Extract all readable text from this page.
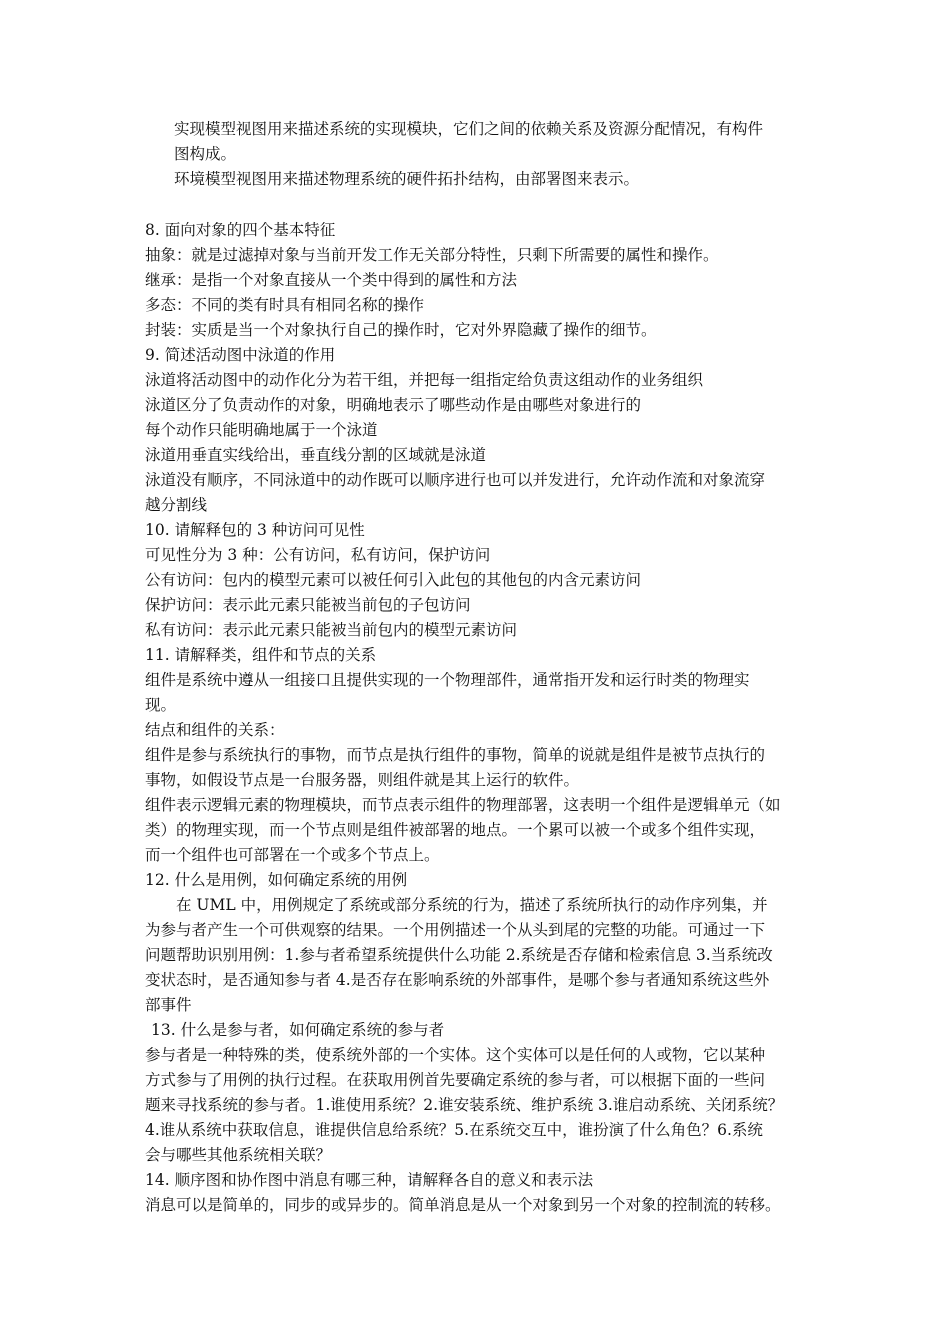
实现模型视图用来描述系统的实现模块，它们之间的依赖关系及资源分配情况，有构件
图构成。
环境模型视图用来描述物理系统的硬件拓扑结构，由部署图来表示。
8. 面向对象的四个基本特征
抽象：就是过滤掉对象与当前开发工作无关部分特性，只剩下所需要的属性和操作。
继承：是指一个对象直接从一个类中得到的属性和方法
多态：不同的类有时具有相同名称的操作
封装：实质是当一个对象执行自己的操作时，它对外界隐藏了操作的细节。
9. 简述活动图中泳道的作用
泳道将活动图中的动作化分为若干组，并把每一组指定给负责这组动作的业务组织
泳道区分了负责动作的对象，明确地表示了哪些动作是由哪些对象进行的
每个动作只能明确地属于一个泳道
泳道用垂直实线给出，垂直线分割的区域就是泳道
泳道没有顺序，不同泳道中的动作既可以顺序进行也可以并发进行，允许动作流和对象流穿
越分割线
10. 请解释包的 3 种访问可见性
可见性分为 3 种：公有访问，私有访问，保护访问
公有访问：包内的模型元素可以被任何引入此包的其他包的内含元素访问
保护访问：表示此元素只能被当前包的子包访问
私有访问：表示此元素只能被当前包内的模型元素访问
11. 请解释类，组件和节点的关系
组件是系统中遵从一组接口且提供实现的一个物理部件，通常指开发和运行时类的物理实
现。
结点和组件的关系：
组件是参与系统执行的事物，而节点是执行组件的事物，简单的说就是组件是被节点执行的
事物，如假设节点是一台服务器，则组件就是其上运行的软件。
组件表示逻辑元素的物理模块，而节点表示组件的物理部署，这表明一个组件是逻辑单元（如
类）的物理实现，而一个节点则是组件被部署的地点。一个累可以被一个或多个组件实现，
而一个组件也可部署在一个或多个节点上。
12. 什么是用例，如何确定系统的用例
在 UML 中，用例规定了系统或部分系统的行为，描述了系统所执行的动作序列集，并
为参与者产生一个可供观察的结果。一个用例描述一个从头到尾的完整的功能。可通过一下
问题帮助识别用例：1.参与者希望系统提供什么功能 2.系统是否存储和检索信息 3.当系统改
变状态时，是否通知参与者 4.是否存在影响系统的外部事件，是哪个参与者通知系统这些外
部事件
13. 什么是参与者，如何确定系统的参与者
参与者是一种特殊的类，使系统外部的一个实体。这个实体可以是任何的人或物，它以某种
方式参与了用例的执行过程。在获取用例首先要确定系统的参与者，可以根据下面的一些问
题来寻找系统的参与者。1.谁使用系统？2.谁安装系统、维护系统 3.谁启动系统、关闭系统？
4.谁从系统中获取信息，谁提供信息给系统？5.在系统交互中，谁扮演了什么角色？6.系统
会与哪些其他系统相关联？
14. 顺序图和协作图中消息有哪三种，请解释各自的意义和表示法
消息可以是简单的，同步的或异步的。简单消息是从一个对象到另一个对象的控制流的转移。
